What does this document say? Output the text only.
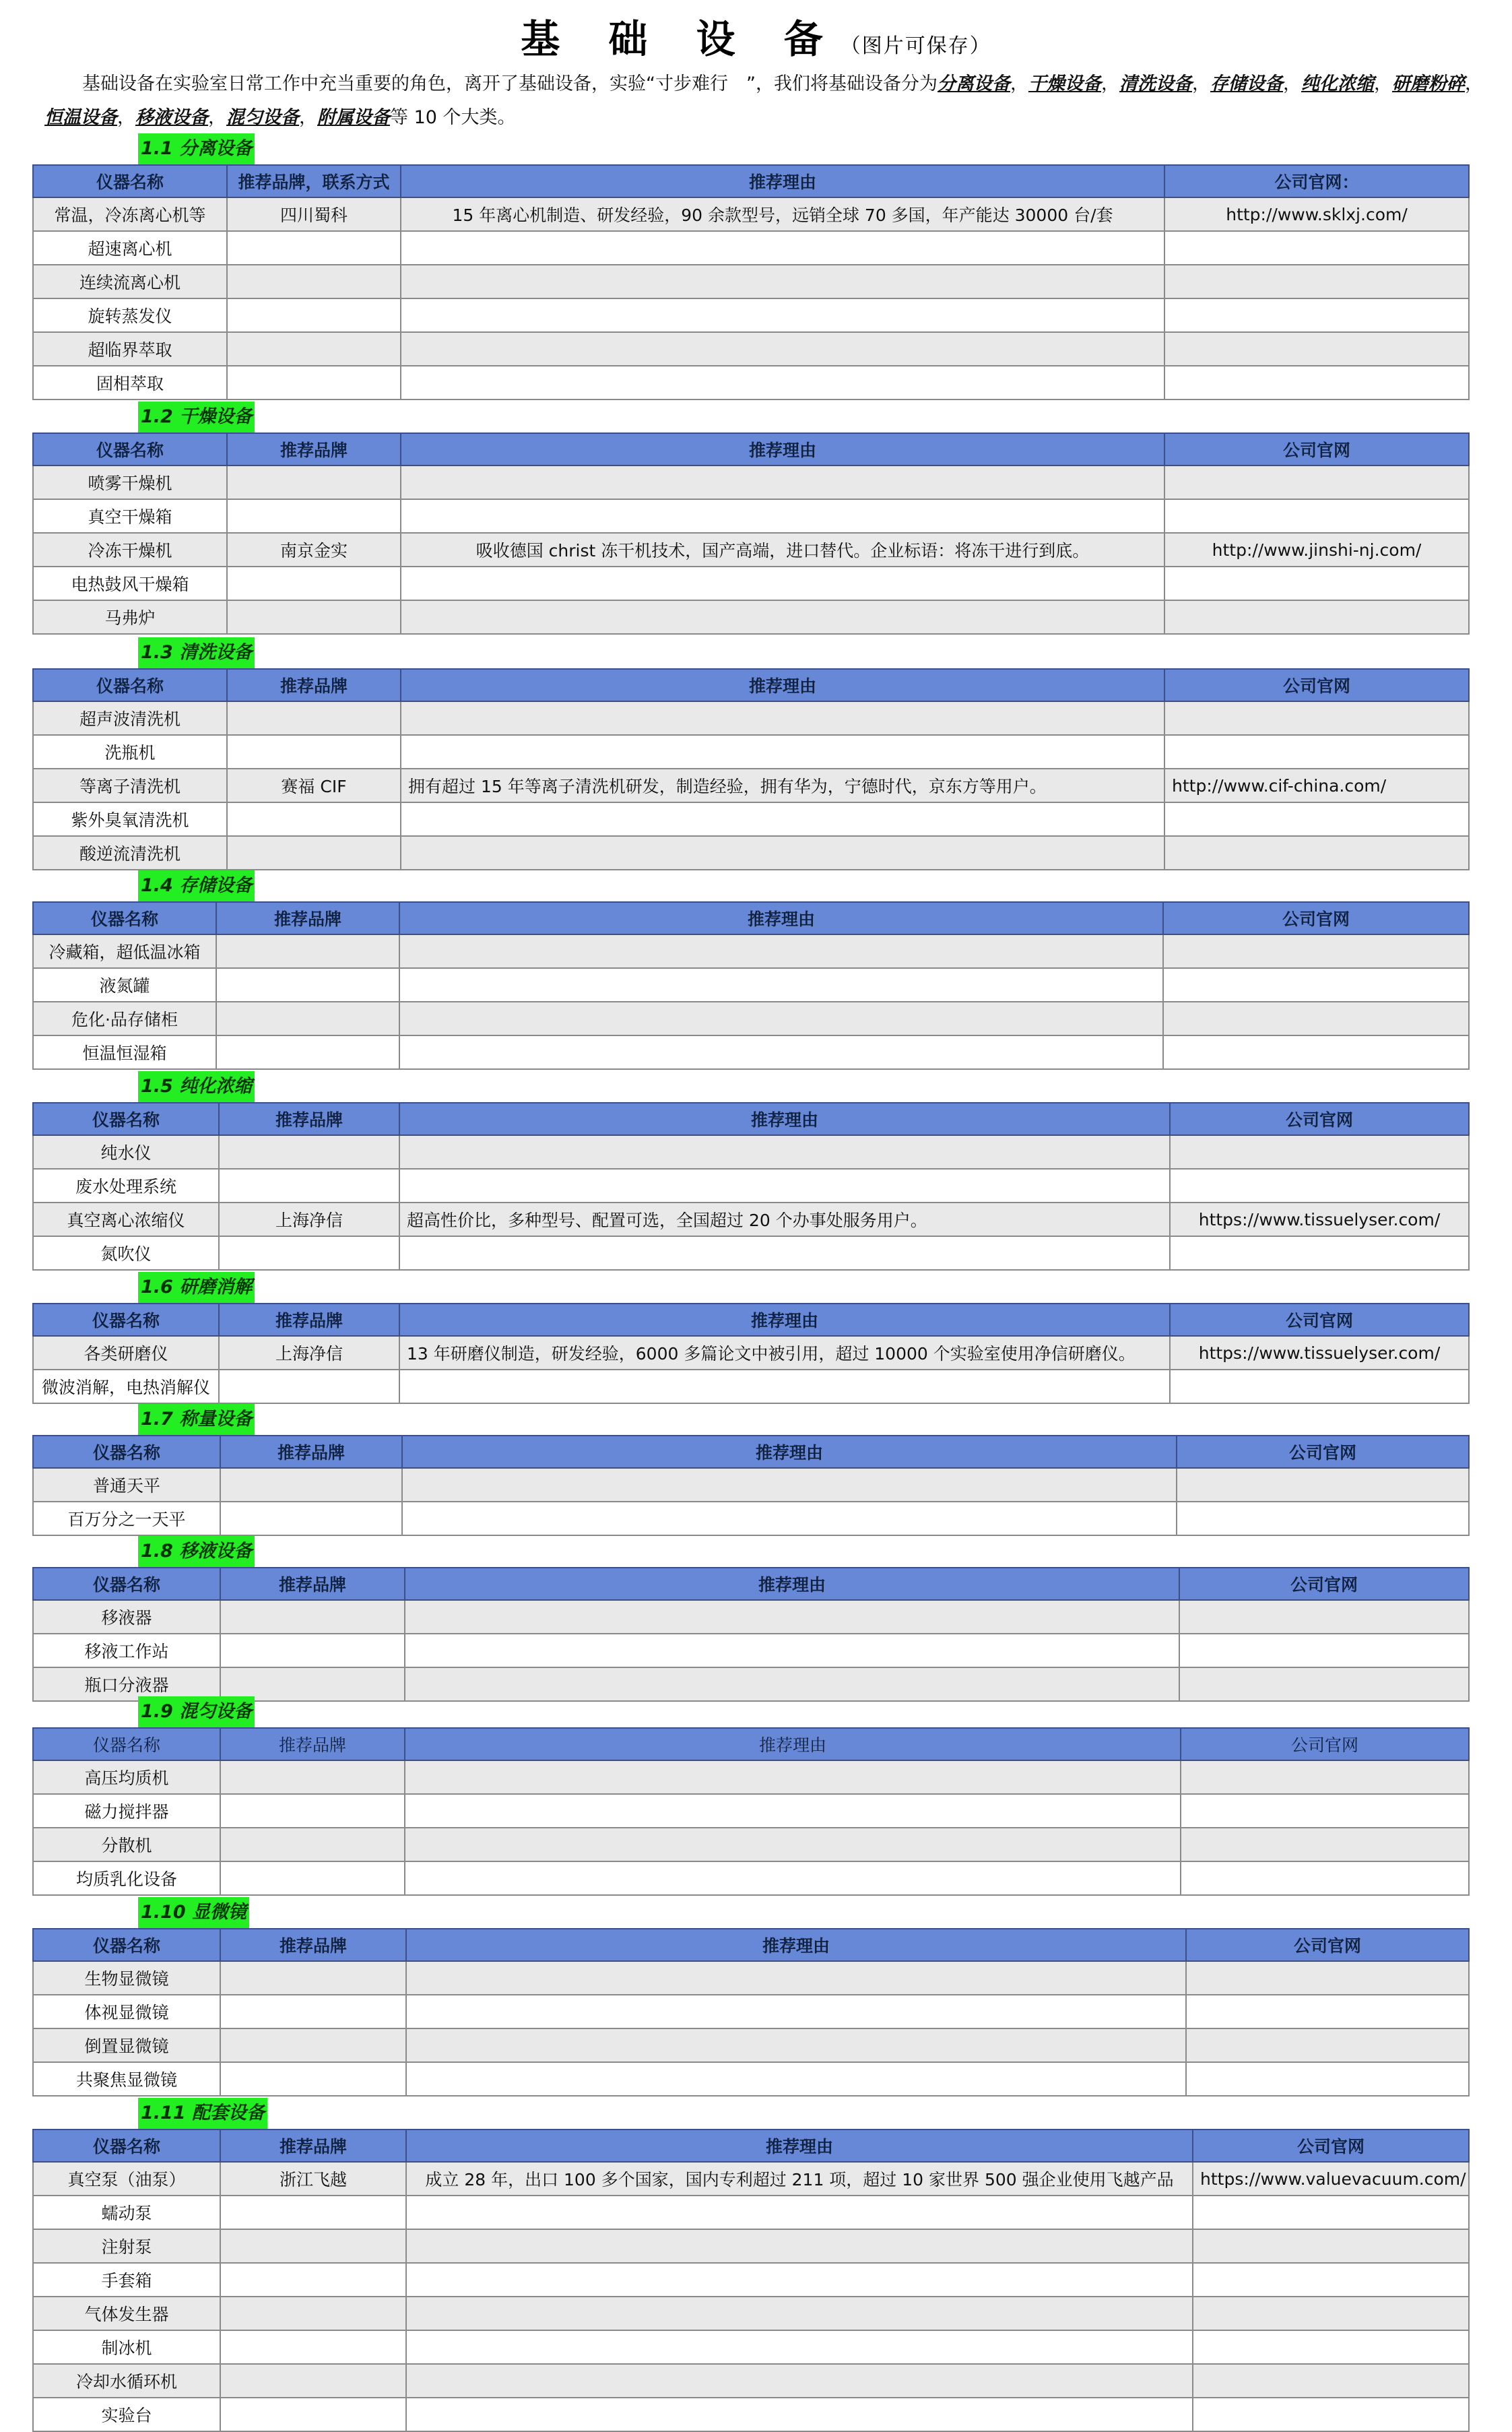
基 础 设 备（图片可保存）
基础设备在实验室日常工作中充当重要的角色，离开了基础设备，实验“寸步难行　”，我们将基础设备分为分离设备，干燥设备，清洗设备，存储设备，纯化浓缩，研磨粉碎，恒温设备，移液设备，混匀设备，附属设备等 10 个大类。
1.1 分离设备
仪器名称	推荐品牌，联系方式	推荐理由	公司官网：
常温，冷冻离心机等	四川蜀科	15 年离心机制造、研发经验，90 余款型号，远销全球 70 多国，年产能达 30000 台/套	http://www.sklxj.com/
超速离心机			
连续流离心机			
旋转蒸发仪			
超临界萃取			
固相萃取			
1.2 干燥设备
仪器名称	推荐品牌	推荐理由	公司官网
喷雾干燥机			
真空干燥箱			
冷冻干燥机	南京金实	吸收德国 christ 冻干机技术，国产高端，进口替代。企业标语：将冻干进行到底。	http://www.jinshi-nj.com/
电热鼓风干燥箱			
马弗炉			
1.3 清洗设备
仪器名称	推荐品牌	推荐理由	公司官网
超声波清洗机			
洗瓶机			
等离子清洗机	赛福 CIF	拥有超过 15 年等离子清洗机研发，制造经验，拥有华为，宁德时代，京东方等用户。	http://www.cif-china.com/
紫外臭氧清洗机			
酸逆流清洗机			
1.4 存储设备
仪器名称	推荐品牌	推荐理由	公司官网
冷藏箱，超低温冰箱			
液氮罐			
危化·品存储柜			
恒温恒湿箱			
1.5 纯化浓缩
仪器名称	推荐品牌	推荐理由	公司官网
纯水仪			
废水处理系统			
真空离心浓缩仪	上海净信	超高性价比，多种型号、配置可选，全国超过 20 个办事处服务用户。	https://www.tissuelyser.com/
氮吹仪			
1.6 研磨消解
仪器名称	推荐品牌	推荐理由	公司官网
各类研磨仪	上海净信	13 年研磨仪制造，研发经验，6000 多篇论文中被引用，超过 10000 个实验室使用净信研磨仪。	https://www.tissuelyser.com/
微波消解，电热消解仪			
1.7 称量设备
仪器名称	推荐品牌	推荐理由	公司官网
普通天平			
百万分之一天平			
1.8 移液设备
仪器名称	推荐品牌	推荐理由	公司官网
移液器			
移液工作站			
瓶口分液器			
1.9 混匀设备
仪器名称	推荐品牌	推荐理由	公司官网
高压均质机			
磁力搅拌器			
分散机			
均质乳化设备			
1.10 显微镜
仪器名称	推荐品牌	推荐理由	公司官网
生物显微镜			
体视显微镜			
倒置显微镜			
共聚焦显微镜			
1.11 配套设备
仪器名称	推荐品牌	推荐理由	公司官网
真空泵（油泵）	浙江飞越	成立 28 年，出口 100 多个国家，国内专利超过 211 项，超过 10 家世界 500 强企业使用飞越产品	https://www.valuevacuum.com/
蠕动泵			
注射泵			
手套箱			
气体发生器			
制冰机			
冷却水循环机			
实验台			
